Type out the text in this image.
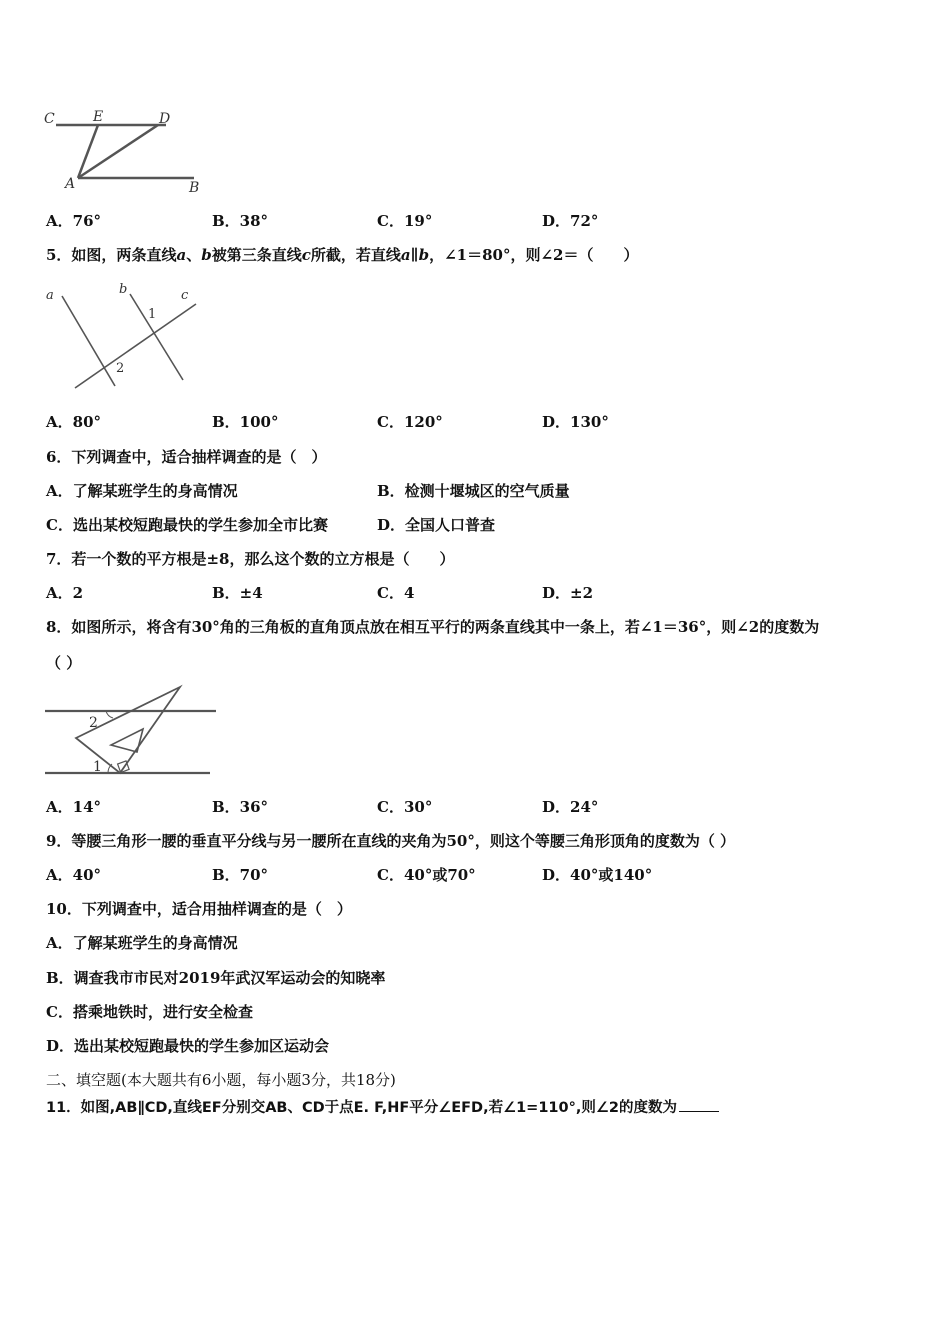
C	E	D
A	B
A．76°	B．38°	C．19°	D．72°
5．如图，两条直线a、b被第三条直线c所截，若直线a∥b，∠1＝80°，则∠2＝（　　）
a	b	c
1
2
A．80°	B．100°	C．120°	D．130°
6．下列调查中，适合抽样调查的是（　）
A．了解某班学生的身高情况	B．检测十堰城区的空气质量
C．选出某校短跑最快的学生参加全市比赛	D．全国人口普查
7．若一个数的平方根是±8，那么这个数的立方根是（　　）
A．2	B．±4	C．4	D．±2
8．如图所示，将含有30°角的三角板的直角顶点放在相互平行的两条直线其中一条上，若∠1＝36°，则∠2的度数为
（ ）
1
2
A．14°	B．36°	C．30°	D．24°
9．等腰三角形一腰的垂直平分线与另一腰所在直线的夹角为50°，则这个等腰三角形顶角的度数为（ ）
A．40°	B．70°	C．40°或70°	D．40°或140°
10．下列调查中，适合用抽样调查的是（　）
A．了解某班学生的身高情况
B．调查我市市民对2019年武汉军运动会的知晓率
C．搭乘地铁时，进行安全检查
D．选出某校短跑最快的学生参加区运动会
二、填空题(本大题共有6小题，每小题3分，共18分)
11．如图,AB∥CD,直线EF分别交AB、CD于点E. F,HF平分∠EFD,若∠1=110°,则∠2的度数为
